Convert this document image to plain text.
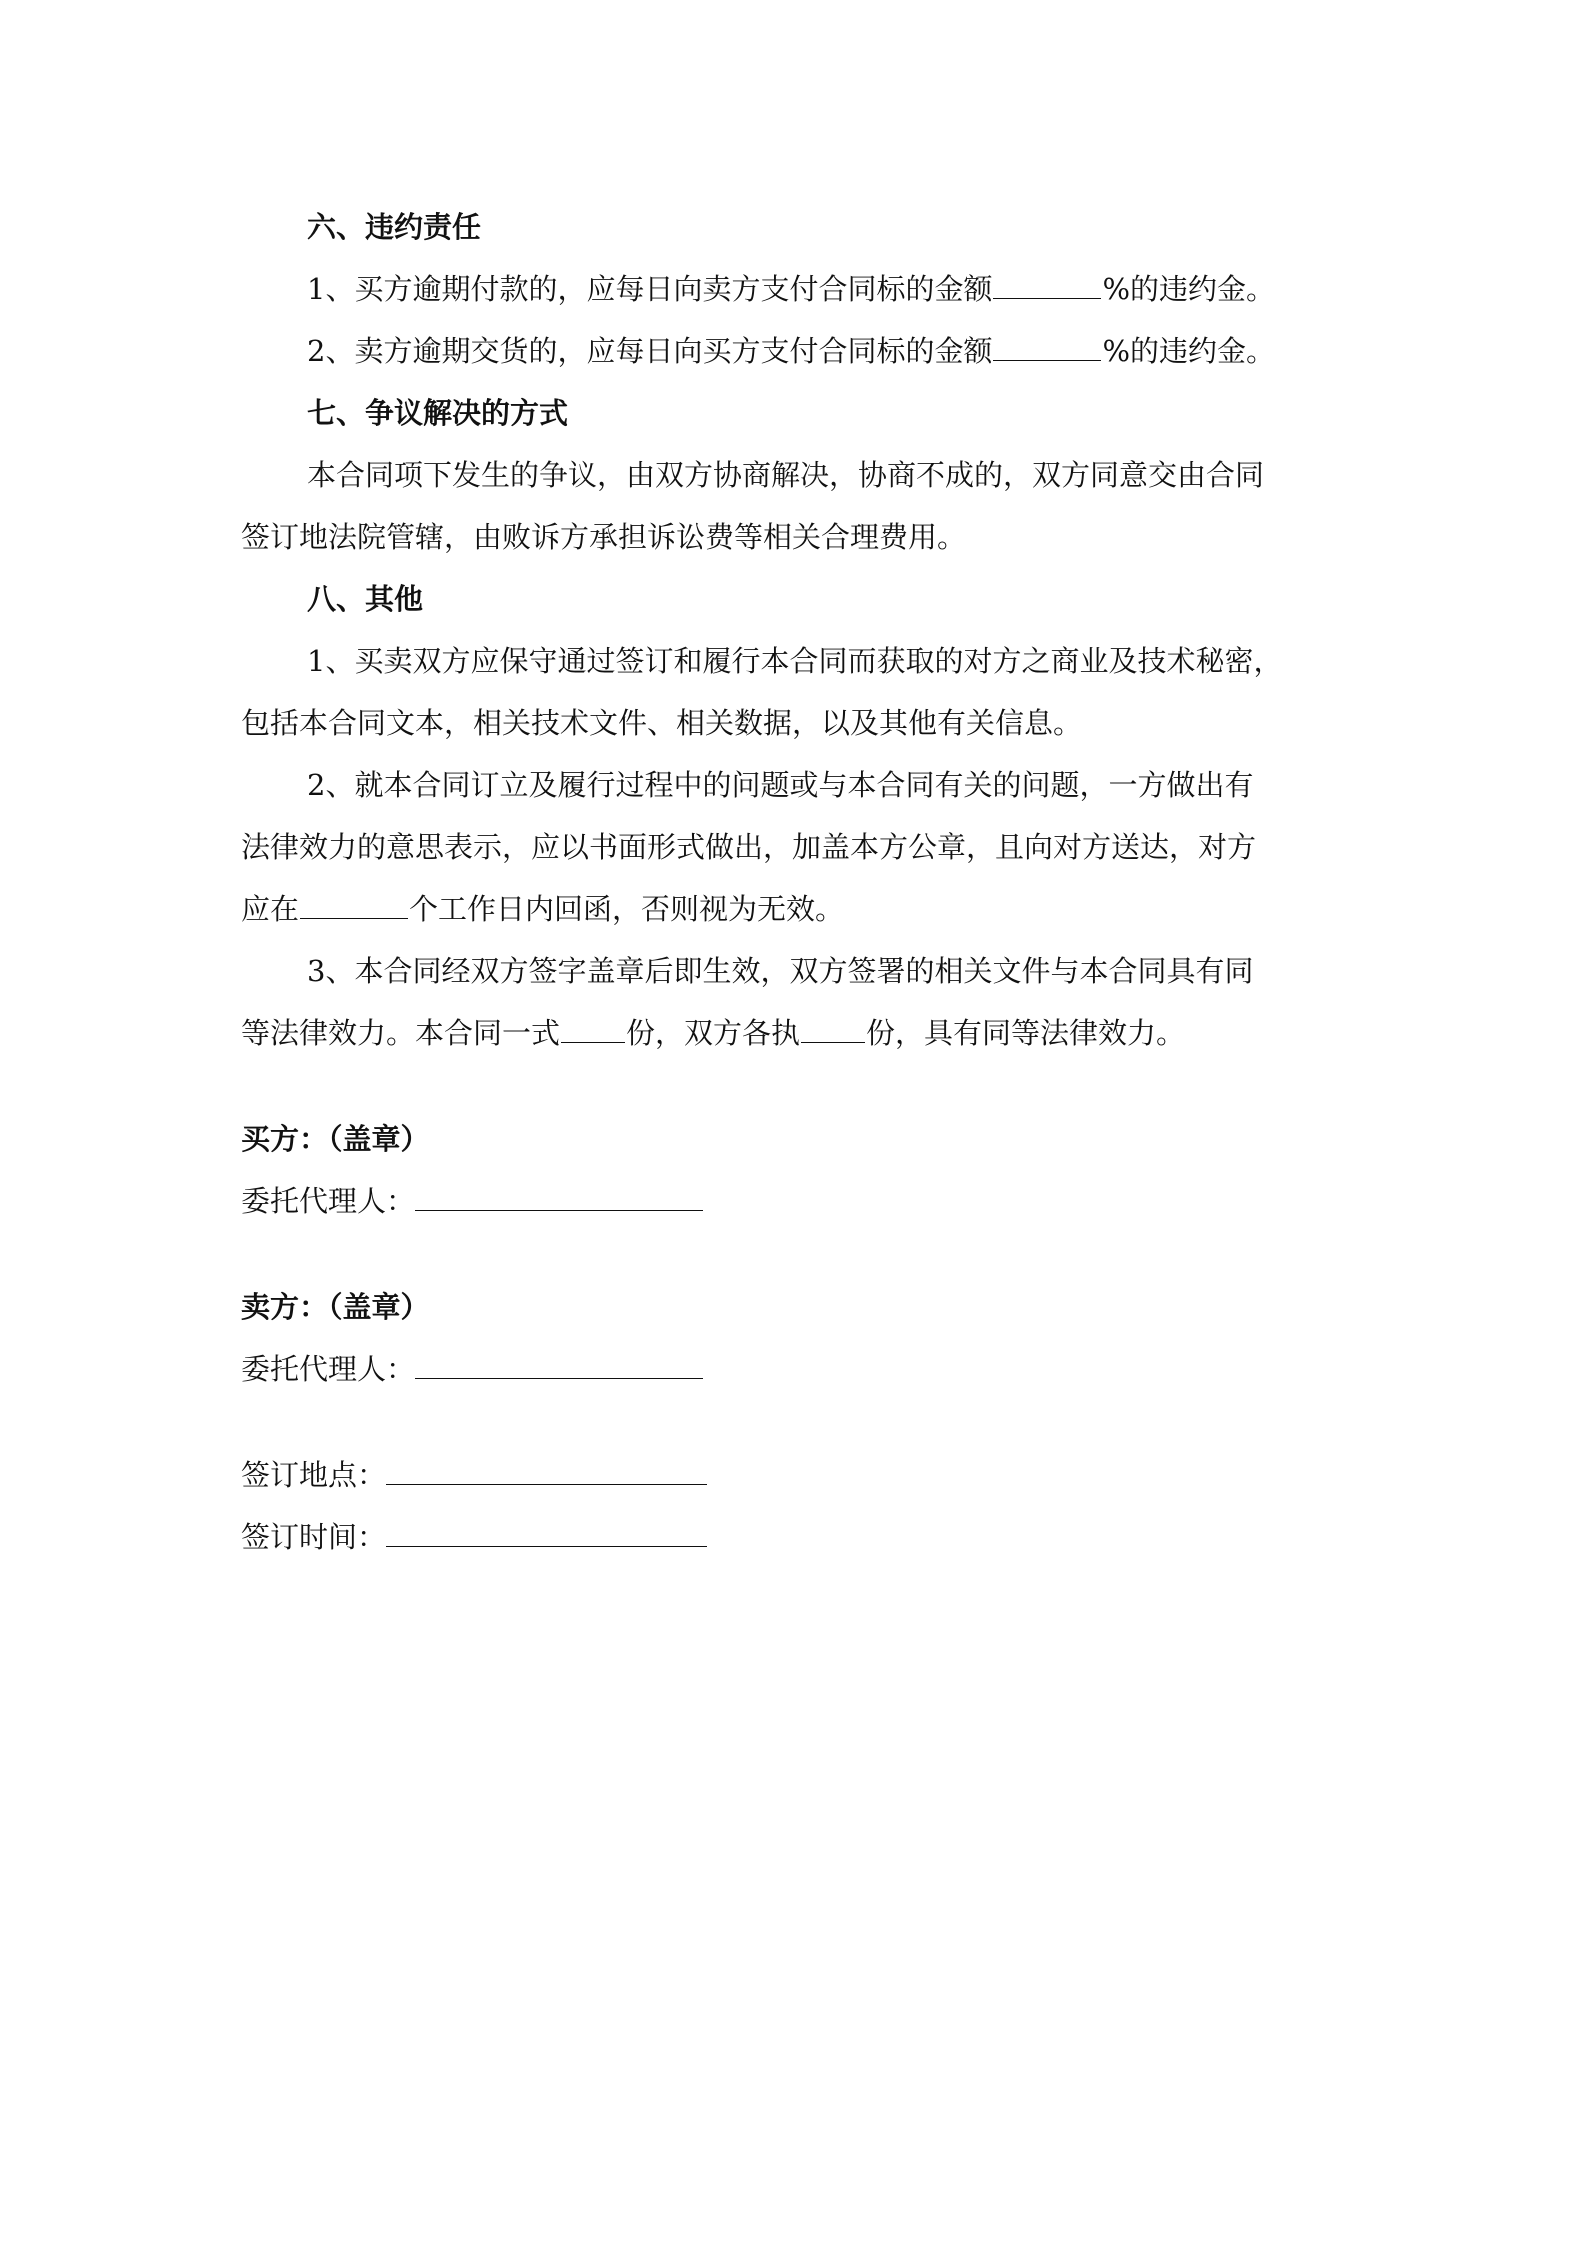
六、违约责任
1、买方逾期付款的，应每日向卖方支付合同标的金额	%的违约金。
2、卖方逾期交货的，应每日向买方支付合同标的金额	%的违约金。
七、争议解决的方式
本合同项下发生的争议，由双方协商解决，协商不成的，双方同意交由合同
签订地法院管辖，由败诉方承担诉讼费等相关合理费用。
八、其他
1、买卖双方应保守通过签订和履行本合同而获取的对方之商业及技术秘密，
包括本合同文本，相关技术文件、相关数据，以及其他有关信息。
2、就本合同订立及履行过程中的问题或与本合同有关的问题，一方做出有
法律效力的意思表示，应以书面形式做出，加盖本方公章，且向对方送达，对方
应在	个工作日内回函，否则视为无效。
3、本合同经双方签字盖章后即生效，双方签署的相关文件与本合同具有同
等法律效力。本合同一式 份，双方各执 份，具有同等法律效力。
买方：（盖章）
委托代理人：
卖方：（盖章）
委托代理人：
签订地点：
签订时间：
